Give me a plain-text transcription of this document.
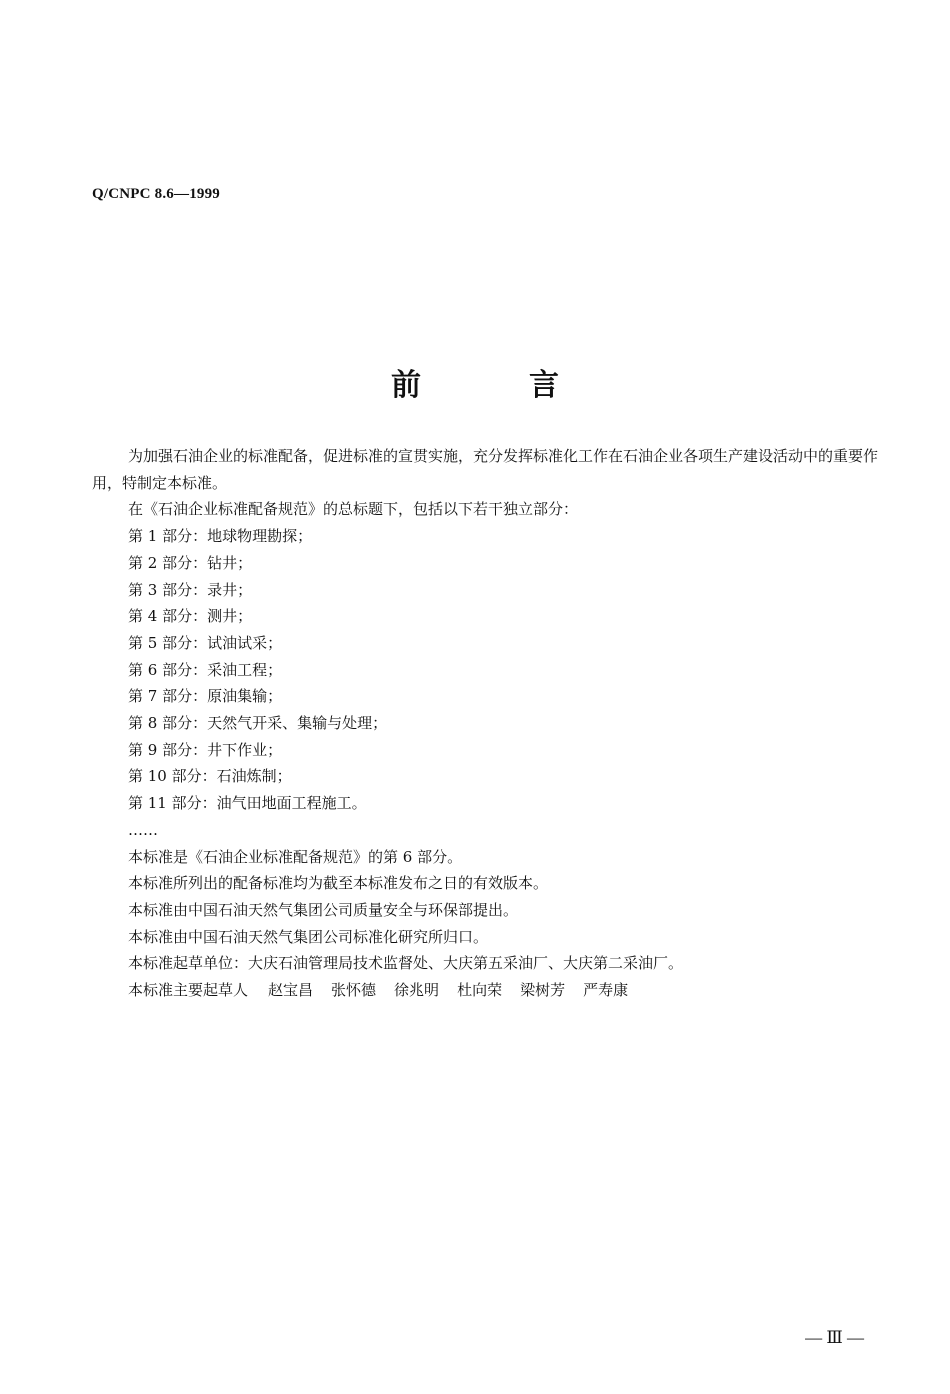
Q/CNPC 8.6—1999
前	言

为加强石油企业的标准配备，促进标准的宣贯实施，充分发挥标准化工作在石油企业各项生产建设活动中的重要作用，特制定本标准。

在《石油企业标准配备规范》的总标题下，包括以下若干独立部分：

第 1 部分：地球物理勘探；

第 2 部分：钻井；

第 3 部分：录井；

第 4 部分：测井；

第 5 部分：试油试采；

第 6 部分：采油工程；

第 7 部分：原油集输；

第 8 部分：天然气开采、集输与处理；

第 9 部分：井下作业；

第 10 部分：石油炼制；

第 11 部分：油气田地面工程施工。

……

本标准是《石油企业标准配备规范》的第 6 部分。

本标准所列出的配备标准均为截至本标准发布之日的有效版本。

本标准由中国石油天然气集团公司质量安全与环保部提出。

本标准由中国石油天然气集团公司标准化研究所归口。

本标准起草单位：大庆石油管理局技术监督处、大庆第五采油厂、大庆第二采油厂。

本标准主要起草人 赵宝昌 张怀德 徐兆明 杜向荣 梁树芳 严寿康

— Ⅲ —
